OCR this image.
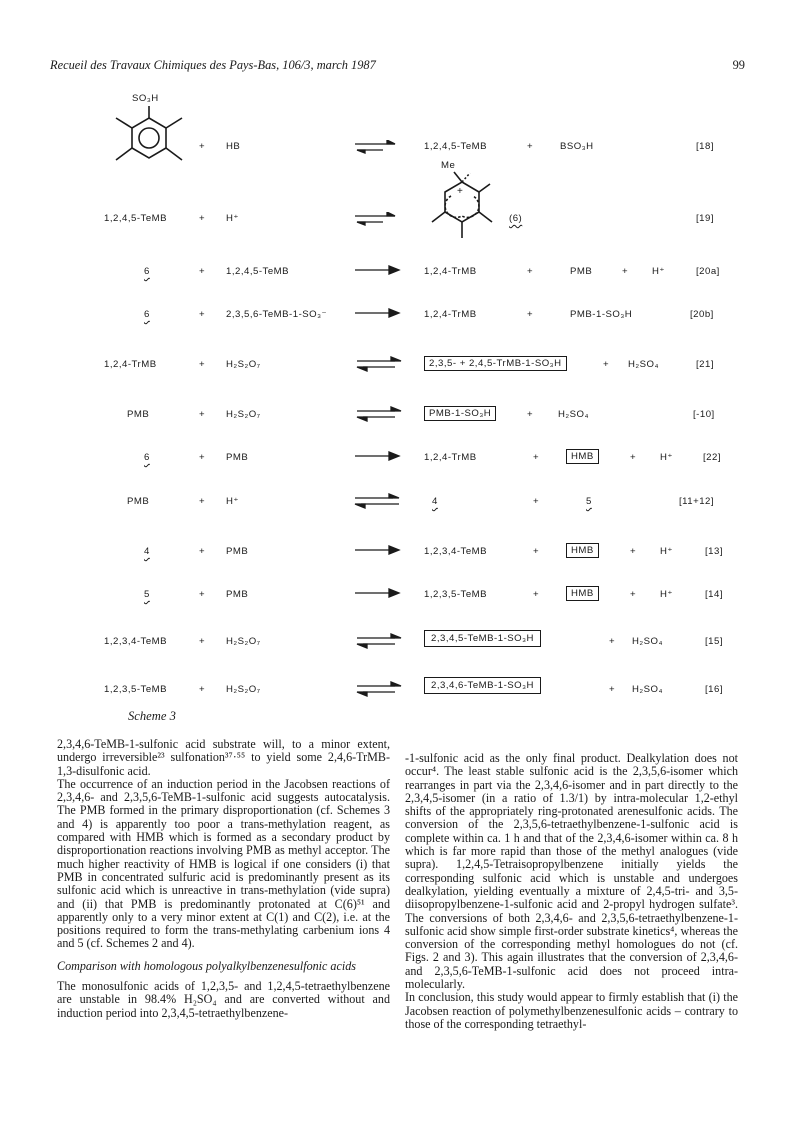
Recueil des Travaux Chimiques des Pays-Bas, 106/3, march 1987	99
SO₃H
Me
+
+ HB	1,2,4,5-TeMB	+	BSO₃H	[18]
1,2,4,5-TeMB	+ H⁺	(6)	[19]
6	+ 1,2,4,5-TeMB	1,2,4-TrMB	+	PMB	+ H⁺	[20a]
6	+ 2,3,5,6-TeMB-1-SO₃⁻	1,2,4-TrMB	+	PMB-1-SO₃H	[20b]
1,2,4-TrMB	+ H₂S₂O₇	2,3,5- + 2,4,5-TrMB-1-SO₃H	+ H₂SO₄	[21]
PMB	+ H₂S₂O₇	PMB-1-SO₃H	+	H₂SO₄	[-10]
6	+ PMB	1,2,4-TrMB	+	HMB	+ H⁺	[22]
PMB	+ H⁺	4	+	5	[11+12]
4	+ PMB	1,2,3,4-TeMB	+	HMB	+ H⁺	[13]
5	+ PMB	1,2,3,5-TeMB	+	HMB	+ H⁺	[14]
1,2,3,4-TeMB	+ H₂S₂O₇	2,3,4,5-TeMB-1-SO₃H	+ H₂SO₄	[15]
1,2,3,5-TeMB	+ H₂S₂O₇	2,3,4,6-TeMB-1-SO₃H	+ H₂SO₄	[16]
Scheme 3

2,3,4,6-TeMB-1-sulfonic acid substrate will, to a minor extent, undergo irreversible²³ sulfonation³⁷·⁵⁵ to yield some 2,4,6-TrMB-1,3-disulfonic acid.

The occurrence of an induction period in the Jacobsen reactions of 2,3,4,6- and 2,3,5,6-TeMB-1-sulfonic acid suggests autocatalysis. The PMB formed in the primary disproportionation (cf. Schemes 3 and 4) is apparently too poor a trans-methylation reagent, as compared with HMB which is formed as a secondary product by disproportionation reactions involving PMB as methyl acceptor. The much higher reactivity of HMB is logical if one considers (i) that PMB in concentrated sulfuric acid is predominantly present as its sulfonic acid which is unreactive in trans-methylation (vide supra) and (ii) that PMB is predominantly protonated at C(6)⁵¹ and apparently only to a very minor extent at C(1) and C(2), i.e. at the positions required to form the trans-methylating carbenium ions 4 and 5 (cf. Schemes 2 and 4).

Comparison with homologous polyalkylbenzenesulfonic acids

The monosulfonic acids of 1,2,3,5- and 1,2,4,5-tetraethylbenzene are unstable in 98.4% H₂SO₄ and are converted without and induction period into 2,3,4,5-tetraethylbenzene-

-1-sulfonic acid as the only final product. Dealkylation does not occur⁴. The least stable sulfonic acid is the 2,3,5,6-isomer which rearranges in part via the 2,3,4,6-isomer and in part directly to the 2,3,4,5-isomer (in a ratio of 1.3/1) by intra-molecular 1,2-ethyl shifts of the appropriately ring-protonated arenesulfonic acids. The conversion of the 2,3,5,6-tetraethylbenzene-1-sulfonic acid is complete within ca. 1 h and that of the 2,3,4,6-isomer within ca. 8 h which is far more rapid than those of the methyl analogues (vide supra). 1,2,4,5-Tetraisopropylbenzene initially yields the corresponding sulfonic acid which is unstable and undergoes dealkylation, yielding eventually a mixture of 2,4,5-tri- and 3,5-diisopropylbenzene-1-sulfonic acid and 2-propyl hydrogen sulfate³. The conversions of both 2,3,4,6- and 2,3,5,6-tetraethylbenzene-1-sulfonic acid show simple first-order substrate kinetics⁴, whereas the conversion of the corresponding methyl homologues do not (cf. Figs. 2 and 3). This again illustrates that the conversion of 2,3,4,6- and 2,3,5,6-TeMB-1-sulfonic acid does not proceed intra-molecularly.

In conclusion, this study would appear to firmly establish that (i) the Jacobsen reaction of polymethylbenzenesulfonic acids – contrary to those of the corresponding tetraethyl-
